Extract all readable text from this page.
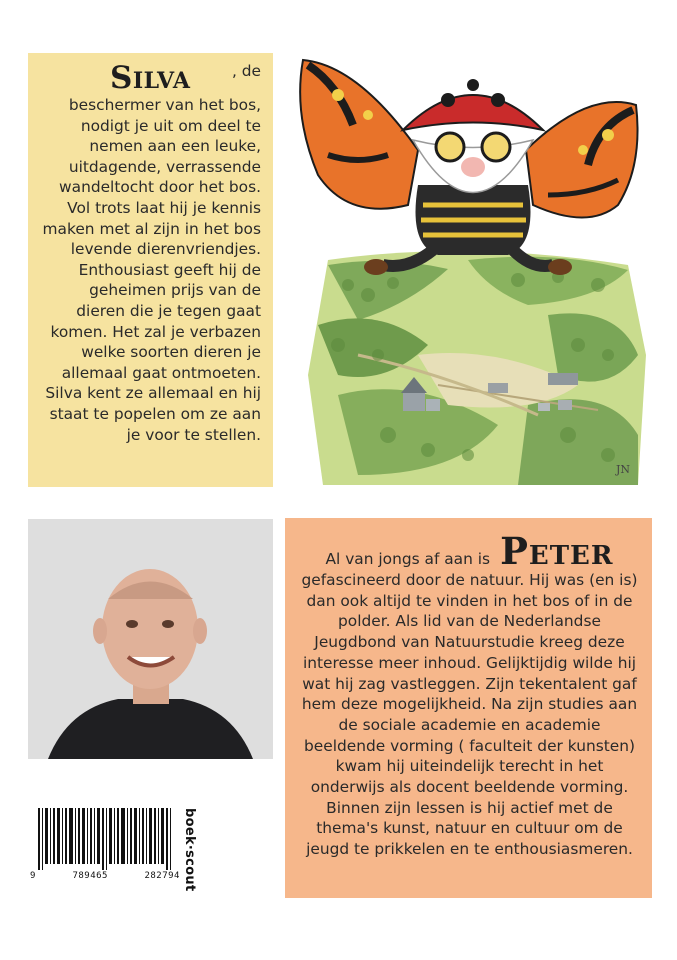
Silva	, de beschermer van het bos, nodigt je uit om deel te nemen aan een leuke, uitdagende, verrassende wandeltocht door het bos. Vol trots laat hij je kennis maken met al zijn in het bos levende dierenvriendjes. Enthousiast geeft hij de geheimen prijs van de dieren die je tegen gaat komen. Het zal je verbazen welke soorten dieren je allemaal gaat ontmoeten. Silva kent ze allemaal en hij staat te popelen om ze aan je voor te stellen.
JN
Al van jongs af aan is Peter
gefascineerd door de natuur. Hij was (en is) dan ook altijd te vinden in het bos of in de polder. Als lid van de Nederlandse Jeugdbond van Natuurstudie kreeg deze interesse meer inhoud. Gelijktijdig wilde hij wat hij zag vastleggen. Zijn tekentalent gaf hem deze mogelijkheid. Na zijn studies aan de sociale academie en academie beeldende vorming ( faculteit der kunsten) kwam hij uiteindelijk terecht in het onderwijs als docent beeldende vorming. Binnen zijn lessen is hij actief met de thema's kunst, natuur en cultuur om de jeugd te prikkelen en te enthousiasmeren.
9	789465	282794 boek·scout
